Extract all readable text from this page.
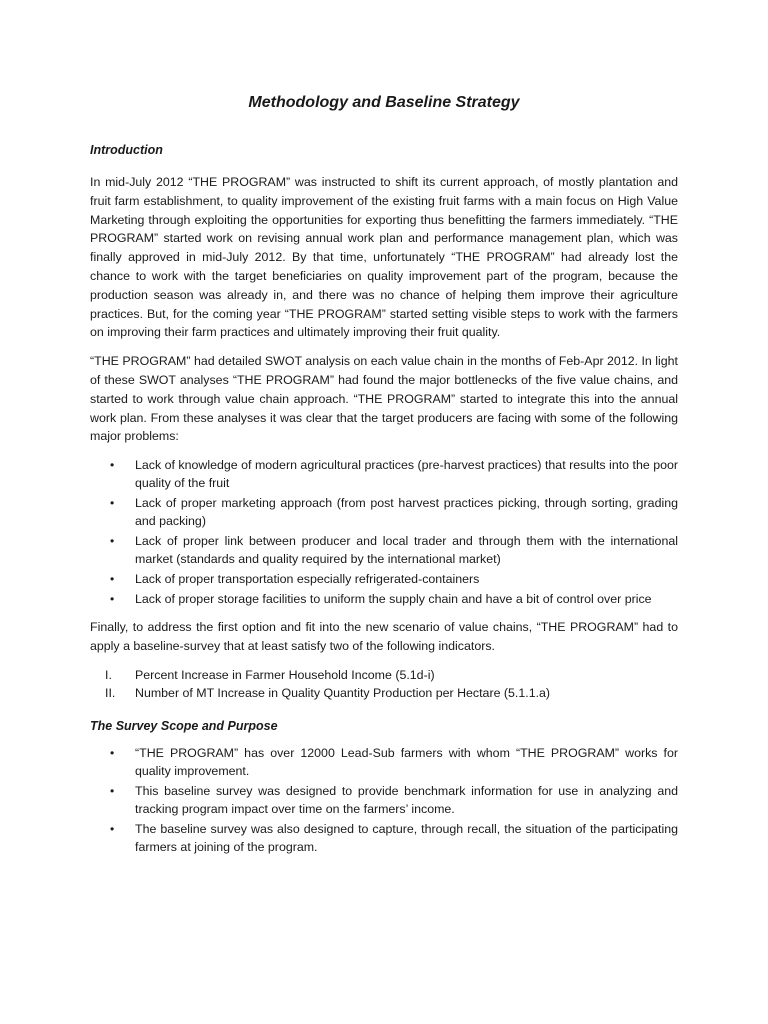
Methodology and Baseline Strategy
Introduction

In mid-July 2012 “THE PROGRAM” was instructed to shift its current approach, of mostly plantation and fruit farm establishment, to quality improvement of the existing fruit farms with a main focus on High Value Marketing through exploiting the opportunities for exporting thus benefitting the farmers immediately. “THE PROGRAM” started work on revising annual work plan and performance management plan, which was finally approved in mid-July 2012. By that time, unfortunately “THE PROGRAM” had already lost the chance to work with the target beneficiaries on quality improvement part of the program, because the production season was already in, and there was no chance of helping them improve their agriculture practices. But, for the coming year “THE PROGRAM” started setting visible steps to work with the farmers on improving their farm practices and ultimately improving their fruit quality.

“THE PROGRAM” had detailed SWOT analysis on each value chain in the months of Feb-Apr 2012. In light of these SWOT analyses “THE PROGRAM” had found the major bottlenecks of the five value chains, and started to work through value chain approach. “THE PROGRAM” started to integrate this into the annual work plan. From these analyses it was clear that the target producers are facing with some of the following major problems:

• Lack of knowledge of modern agricultural practices (pre-harvest practices) that results into the poor quality of the fruit
• Lack of proper marketing approach (from post harvest practices picking, through sorting, grading and packing)
• Lack of proper link between producer and local trader and through them with the international market (standards and quality required by the international market)
• Lack of proper transportation especially refrigerated-containers
• Lack of proper storage facilities to uniform the supply chain and have a bit of control over price

Finally, to address the first option and fit into the new scenario of value chains, “THE PROGRAM” had to apply a baseline-survey that at least satisfy two of the following indicators.

I. Percent Increase in Farmer Household Income (5.1d-i)
II. Number of MT Increase in Quality Quantity Production per Hectare (5.1.1.a)
The Survey Scope and Purpose
• “THE PROGRAM” has over 12000 Lead-Sub farmers with whom “THE PROGRAM” works for quality improvement.
• This baseline survey was designed to provide benchmark information for use in analyzing and tracking program impact over time on the farmers’ income.
• The baseline survey was also designed to capture, through recall, the situation of the participating farmers at joining of the program.
